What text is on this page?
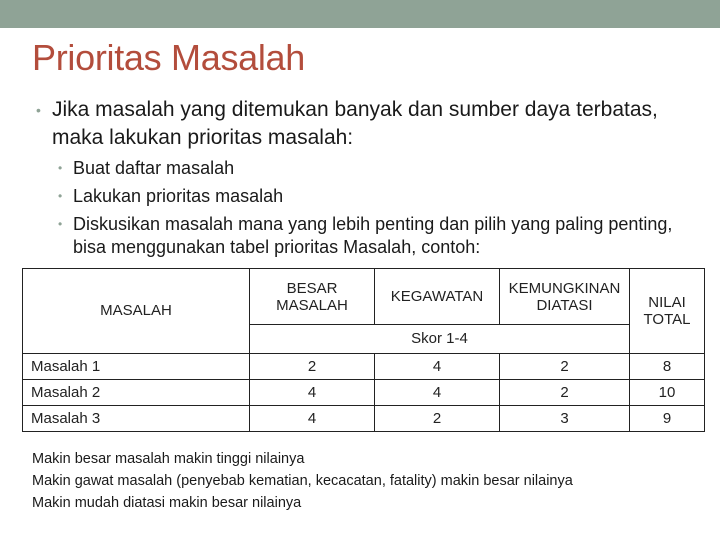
Prioritas Masalah
• Jika masalah yang ditemukan banyak dan sumber daya terbatas, maka lakukan prioritas masalah:
• Buat daftar masalah
• Lakukan prioritas masalah
• Diskusikan masalah mana yang lebih penting dan pilih yang paling penting, bisa menggunakan tabel prioritas Masalah, contoh:
MASALAH	BESAR MASALAH	KEGAWATAN	KEMUNGKINAN DIATASI	NILAI TOTAL
	Skor 1-4			
Masalah 1	2	4	2	8
Masalah 2	4	4	2	10
Masalah 3	4	2	3	9
Makin besar masalah makin tinggi nilainya
Makin gawat masalah (penyebab kematian, kecacatan, fatality) makin besar nilainya
Makin mudah diatasi makin besar nilainya
